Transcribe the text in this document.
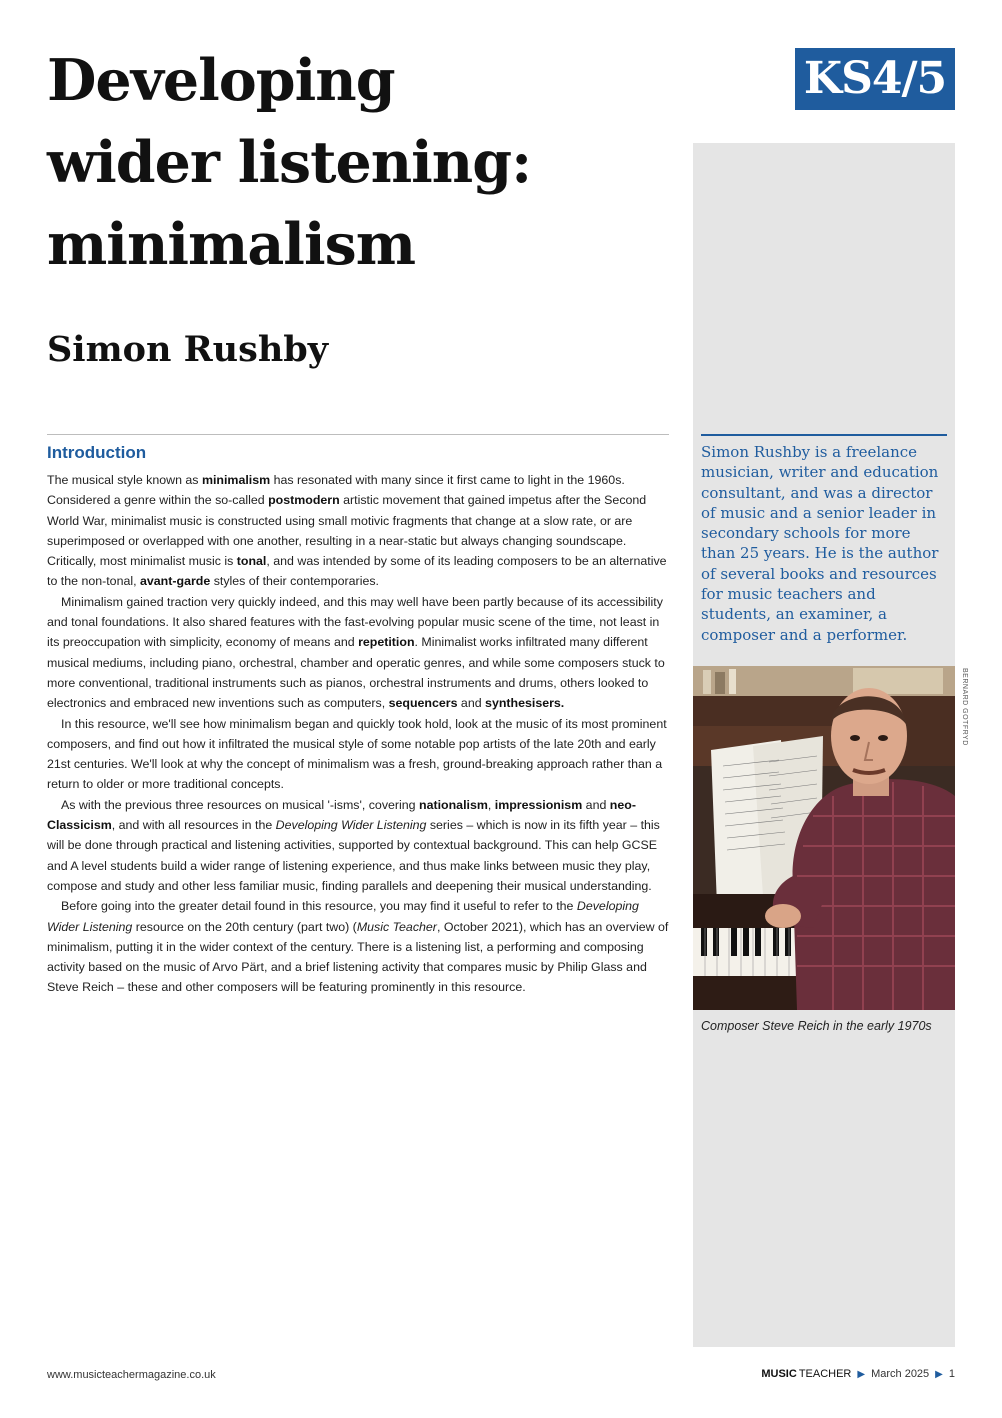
Developing
wider listening:
minimalism
Simon Rushby
KS4/5
Simon Rushby is a freelance musician, writer and education consultant, and was a director of music and a senior leader in secondary schools for more than 25 years. He is the author of several books and resources for music teachers and students, an examiner, a composer and a performer.
BERNARD GOTFRYD
Composer Steve Reich in the early 1970s
Introduction

The musical style known as minimalism has resonated with many since it first came to light in the 1960s. Considered a genre within the so-called postmodern artistic movement that gained impetus after the Second World War, minimalist music is constructed using small motivic fragments that change at a slow rate, or are superimposed or overlapped with one another, resulting in a near-static but always changing soundscape. Critically, most minimalist music is tonal, and was intended by some of its leading composers to be an alternative to the non-tonal, avant-garde styles of their contemporaries.

Minimalism gained traction very quickly indeed, and this may well have been partly because of its accessibility and tonal foundations. It also shared features with the fast-evolving popular music scene of the time, not least in its preoccupation with simplicity, economy of means and repetition. Minimalist works infiltrated many different musical mediums, including piano, orchestral, chamber and operatic genres, and while some composers stuck to more conventional, traditional instruments such as pianos, orchestral instruments and drums, others looked to electronics and embraced new inventions such as computers, sequencers and synthesisers.

In this resource, we'll see how minimalism began and quickly took hold, look at the music of its most prominent composers, and find out how it infiltrated the musical style of some notable pop artists of the late 20th and early 21st centuries. We'll look at why the concept of minimalism was a fresh, ground-breaking approach rather than a return to older or more traditional concepts.

As with the previous three resources on musical '-isms', covering nationalism, impressionism and neo-Classicism, and with all resources in the Developing Wider Listening series – which is now in its fifth year – this will be done through practical and listening activities, supported by contextual background. This can help GCSE and A level students build a wider range of listening experience, and thus make links between music they play, compose and study and other less familiar music, finding parallels and deepening their musical understanding.

Before going into the greater detail found in this resource, you may find it useful to refer to the Developing Wider Listening resource on the 20th century (part two) (Music Teacher, October 2021), which has an overview of minimalism, putting it in the wider context of the century. There is a listening list, a performing and composing activity based on the music of Arvo Pärt, and a brief listening activity that compares music by Philip Glass and Steve Reich – these and other composers will be featuring prominently in this resource.

www.musicteachermagazine.co.uk	MUSIC TEACHER ▶ March 2025 ▶ 1
